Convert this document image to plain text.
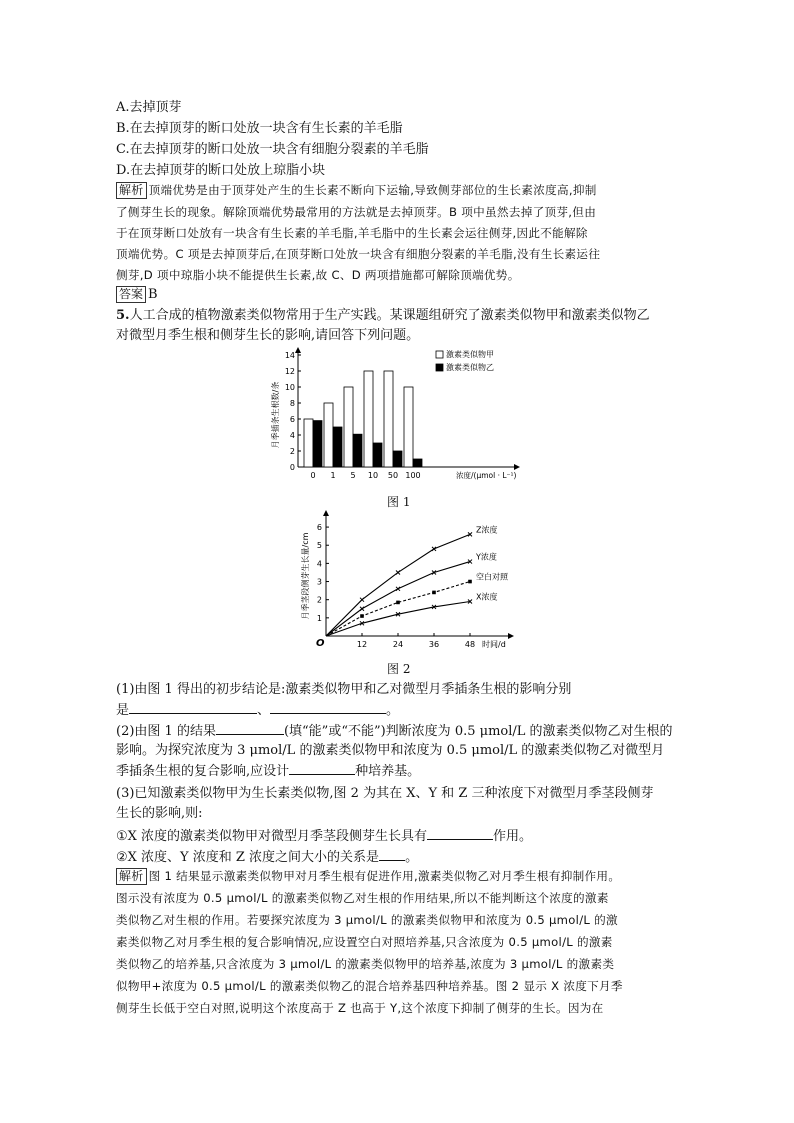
A.去掉顶芽
B.在去掉顶芽的断口处放一块含有生长素的羊毛脂
C.在去掉顶芽的断口处放一块含有细胞分裂素的羊毛脂
D.在去掉顶芽的断口处放上琼脂小块
解析 顶端优势是由于顶芽处产生的生长素不断向下运输,导致侧芽部位的生长素浓度高,抑制
了侧芽生长的现象。解除顶端优势最常用的方法就是去掉顶芽。B 项中虽然去掉了顶芽,但由
于在顶芽断口处放有一块含有生长素的羊毛脂,羊毛脂中的生长素会运往侧芽,因此不能解除
顶端优势。C 项是去掉顶芽后,在顶芽断口处放一块含有细胞分裂素的羊毛脂,没有生长素运往
侧芽,D 项中琼脂小块不能提供生长素,故 C、D 两项措施都可解除顶端优势。
答案 B
5.人工合成的植物激素类似物常用于生产实践。某课题组研究了激素类似物甲和激素类似物乙
对微型月季生根和侧芽生长的影响,请回答下列问题。
0
2
4
6
8
10
12
14
月季插条生根数/条
0 1 5 10 50 100	浓度/(μmol · L⁻¹)
激素类似物甲
激素类似物乙
图 1
O
1
2
3
4
5
6
12	24	36	48 时间/d
月季茎段侧芽生长量/cm
Z浓度
Y浓度
空白对照
X浓度
图 2
(1)由图 1 得出的初步结论是:激素类似物甲和乙对微型月季插条生根的影响分别
是	、	。
(2)由图 1 的结果	(填“能”或“不能”)判断浓度为 0.5 μmol/L 的激素类似物乙对生根的
影响。为探究浓度为 3 μmol/L 的激素类似物甲和浓度为 0.5 μmol/L 的激素类似物乙对微型月
季插条生根的复合影响,应设计	种培养基。
(3)已知激素类似物甲为生长素类似物,图 2 为其在 X、Y 和 Z 三种浓度下对微型月季茎段侧芽
生长的影响,则:
①X 浓度的激素类似物甲对微型月季茎段侧芽生长具有	作用。
②X 浓度、Y 浓度和 Z 浓度之间大小的关系是 。
解析 图 1 结果显示激素类似物甲对月季生根有促进作用,激素类似物乙对月季生根有抑制作用。
图示没有浓度为 0.5 μmol/L 的激素类似物乙对生根的作用结果,所以不能判断这个浓度的激素
类似物乙对生根的作用。若要探究浓度为 3 μmol/L 的激素类似物甲和浓度为 0.5 μmol/L 的激
素类似物乙对月季生根的复合影响情况,应设置空白对照培养基,只含浓度为 0.5 μmol/L 的激素
类似物乙的培养基,只含浓度为 3 μmol/L 的激素类似物甲的培养基,浓度为 3 μmol/L 的激素类
似物甲+浓度为 0.5 μmol/L 的激素类似物乙的混合培养基四种培养基。图 2 显示 X 浓度下月季
侧芽生长低于空白对照,说明这个浓度高于 Z 也高于 Y,这个浓度下抑制了侧芽的生长。因为在
